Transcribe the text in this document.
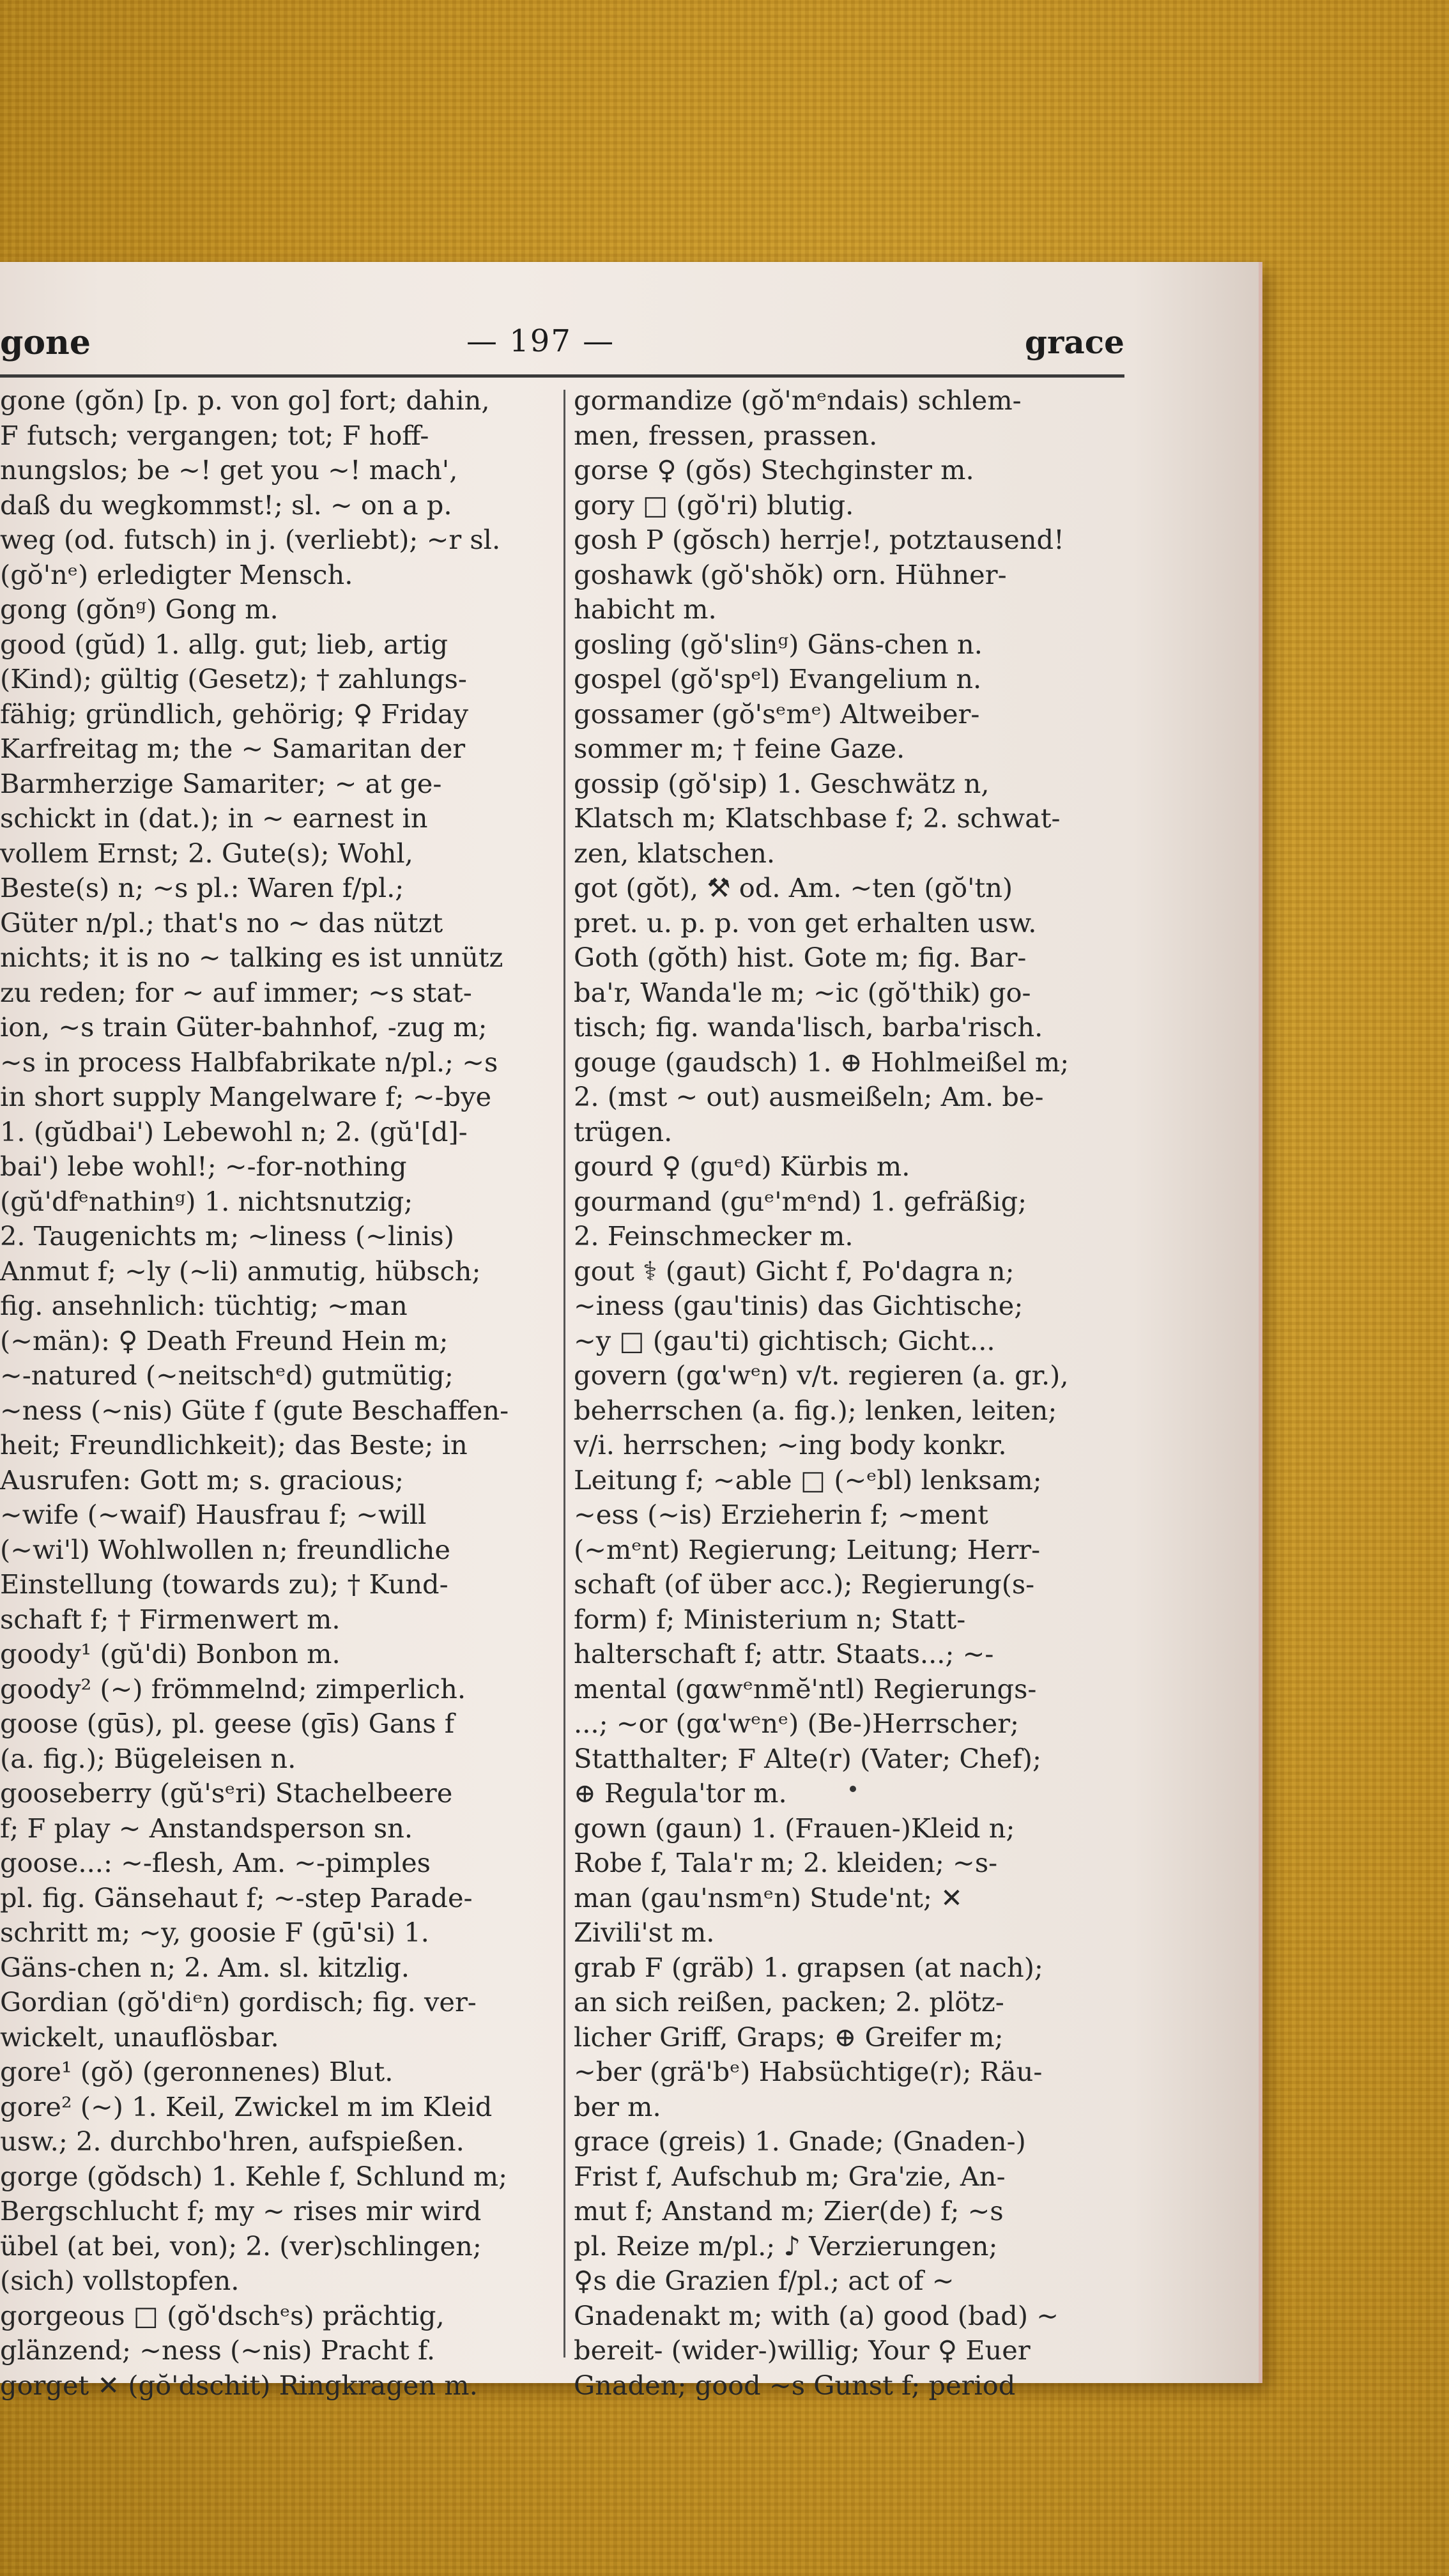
gone	— 197 —	grace
gone (gŏn) [p. p. von go] fort; dahin,
F futsch; vergangen; tot; F hoff-
nungslos; be ~! get you ~! mach',
daß du wegkommst!; sl. ~ on a p.
weg (od. futsch) in j. (verliebt); ~r sl.
(gŏ'nᵉ) erledigter Mensch.
gong (gŏnᵍ) Gong m.
good (gŭd) 1. allg. gut; lieb, artig
(Kind); gültig (Gesetz); † zahlungs-
fähig; gründlich, gehörig; ♀ Friday
Karfreitag m; the ~ Samaritan der
Barmherzige Samariter; ~ at ge-
schickt in (dat.); in ~ earnest in
vollem Ernst; 2. Gute(s); Wohl,
Beste(s) n; ~s pl.: Waren f/pl.;
Güter n/pl.; that's no ~ das nützt
nichts; it is no ~ talking es ist unnütz
zu reden; for ~ auf immer; ~s stat-
ion, ~s train Güter-bahnhof, -zug m;
~s in process Halbfabrikate n/pl.; ~s
in short supply Mangelware f; ~-bye
1. (gŭdbai') Lebewohl n; 2. (gŭ'[d]-
bai') lebe wohl!; ~-for-nothing
(gŭ'dfᵉnathinᵍ) 1. nichtsnutzig;
2. Taugenichts m; ~liness (~linis)
Anmut f; ~ly (~li) anmutig, hübsch;
fig. ansehnlich: tüchtig; ~man
(~män): ♀ Death Freund Hein m;
~-natured (~neitschᵉd) gutmütig;
~ness (~nis) Güte f (gute Beschaffen-
heit; Freundlichkeit); das Beste; in
Ausrufen: Gott m; s. gracious;
~wife (~waif) Hausfrau f; ~will
(~wi'l) Wohlwollen n; freundliche
Einstellung (towards zu); † Kund-
schaft f; † Firmenwert m.
goody¹ (gŭ'di) Bonbon m.
goody² (~) frömmelnd; zimperlich.
goose (gūs), pl. geese (gīs) Gans f
(a. fig.); Bügeleisen n.
gooseberry (gŭ'sᵉri) Stachelbeere
f; F play ~ Anstandsperson sn.
goose...: ~-flesh, Am. ~-pimples
pl. fig. Gänsehaut f; ~-step Parade-
schritt m; ~y, goosie F (gū'si) 1.
Gäns-chen n; 2. Am. sl. kitzlig.
Gordian (gŏ'diᵉn) gordisch; fig. ver-
wickelt, unauflösbar.
gore¹ (gŏ) (geronnenes) Blut.
gore² (~) 1. Keil, Zwickel m im Kleid
usw.; 2. durchbo'hren, aufspießen.
gorge (gŏdsch) 1. Kehle f, Schlund m;
Bergschlucht f; my ~ rises mir wird
übel (at bei, von); 2. (ver)schlingen;
(sich) vollstopfen.
gorgeous □ (gŏ'dschᵉs) prächtig,
glänzend; ~ness (~nis) Pracht f.
gorget ✕ (gŏ'dschit) Ringkragen m.
gormandize (gŏ'mᵉndais) schlem-
men, fressen, prassen.
gorse ♀ (gŏs) Stechginster m.
gory □ (gŏ'ri) blutig.
gosh P (gŏsch) herrje!, potztausend!
goshawk (gŏ'shŏk) orn. Hühner-
habicht m.
gosling (gŏ'slinᵍ) Gäns-chen n.
gospel (gŏ'spᵉl) Evangelium n.
gossamer (gŏ'sᵉmᵉ) Altweiber-
sommer m; † feine Gaze.
gossip (gŏ'sip) 1. Geschwätz n,
Klatsch m; Klatschbase f; 2. schwat-
zen, klatschen.
got (gŏt), ⚒ od. Am. ~ten (gŏ'tn)
pret. u. p. p. von get erhalten usw.
Goth (gŏth) hist. Gote m; fig. Bar-
ba'r, Wanda'le m; ~ic (gŏ'thik) go-
tisch; fig. wanda'lisch, barba'risch.
gouge (gaudsch) 1. ⊕ Hohlmeißel m;
2. (mst ~ out) ausmeißeln; Am. be-
trügen.
gourd ♀ (guᵉd) Kürbis m.
gourmand (guᵉ'mᵉnd) 1. gefräßig;
2. Feinschmecker m.
gout ⚕ (gaut) Gicht f, Po'dagra n;
~iness (gau'tinis) das Gichtische;
~y □ (gau'ti) gichtisch; Gicht...
govern (gα'wᵉn) v/t. regieren (a. gr.),
beherrschen (a. fig.); lenken, leiten;
v/i. herrschen; ~ing body konkr.
Leitung f; ~able □ (~ᵉbl) lenksam;
~ess (~is) Erzieherin f; ~ment
(~mᵉnt) Regierung; Leitung; Herr-
schaft (of über acc.); Regierung(s-
form) f; Ministerium n; Statt-
halterschaft f; attr. Staats...; ~-
mental (gαwᵉnmĕ'ntl) Regierungs-
...; ~or (gα'wᵉnᵉ) (Be-)Herrscher;
Statthalter; F Alte(r) (Vater; Chef);
⊕ Regula'tor m.
gown (gaun) 1. (Frauen-)Kleid n;
Robe f, Tala'r m; 2. kleiden; ~s-
man (gau'nsmᵉn) Stude'nt; ✕
Zivili'st m.
grab F (gräb) 1. grapsen (at nach);
an sich reißen, packen; 2. plötz-
licher Griff, Graps; ⊕ Greifer m;
~ber (grä'bᵉ) Habsüchtige(r); Räu-
ber m.
grace (greis) 1. Gnade; (Gnaden-)
Frist f, Aufschub m; Gra'zie, An-
mut f; Anstand m; Zier(de) f; ~s
pl. Reize m/pl.; ♪ Verzierungen;
♀s die Grazien f/pl.; act of ~
Gnadenakt m; with (a) good (bad) ~
bereit- (wider-)willig; Your ♀ Euer
Gnaden; good ~s Gunst f; period
